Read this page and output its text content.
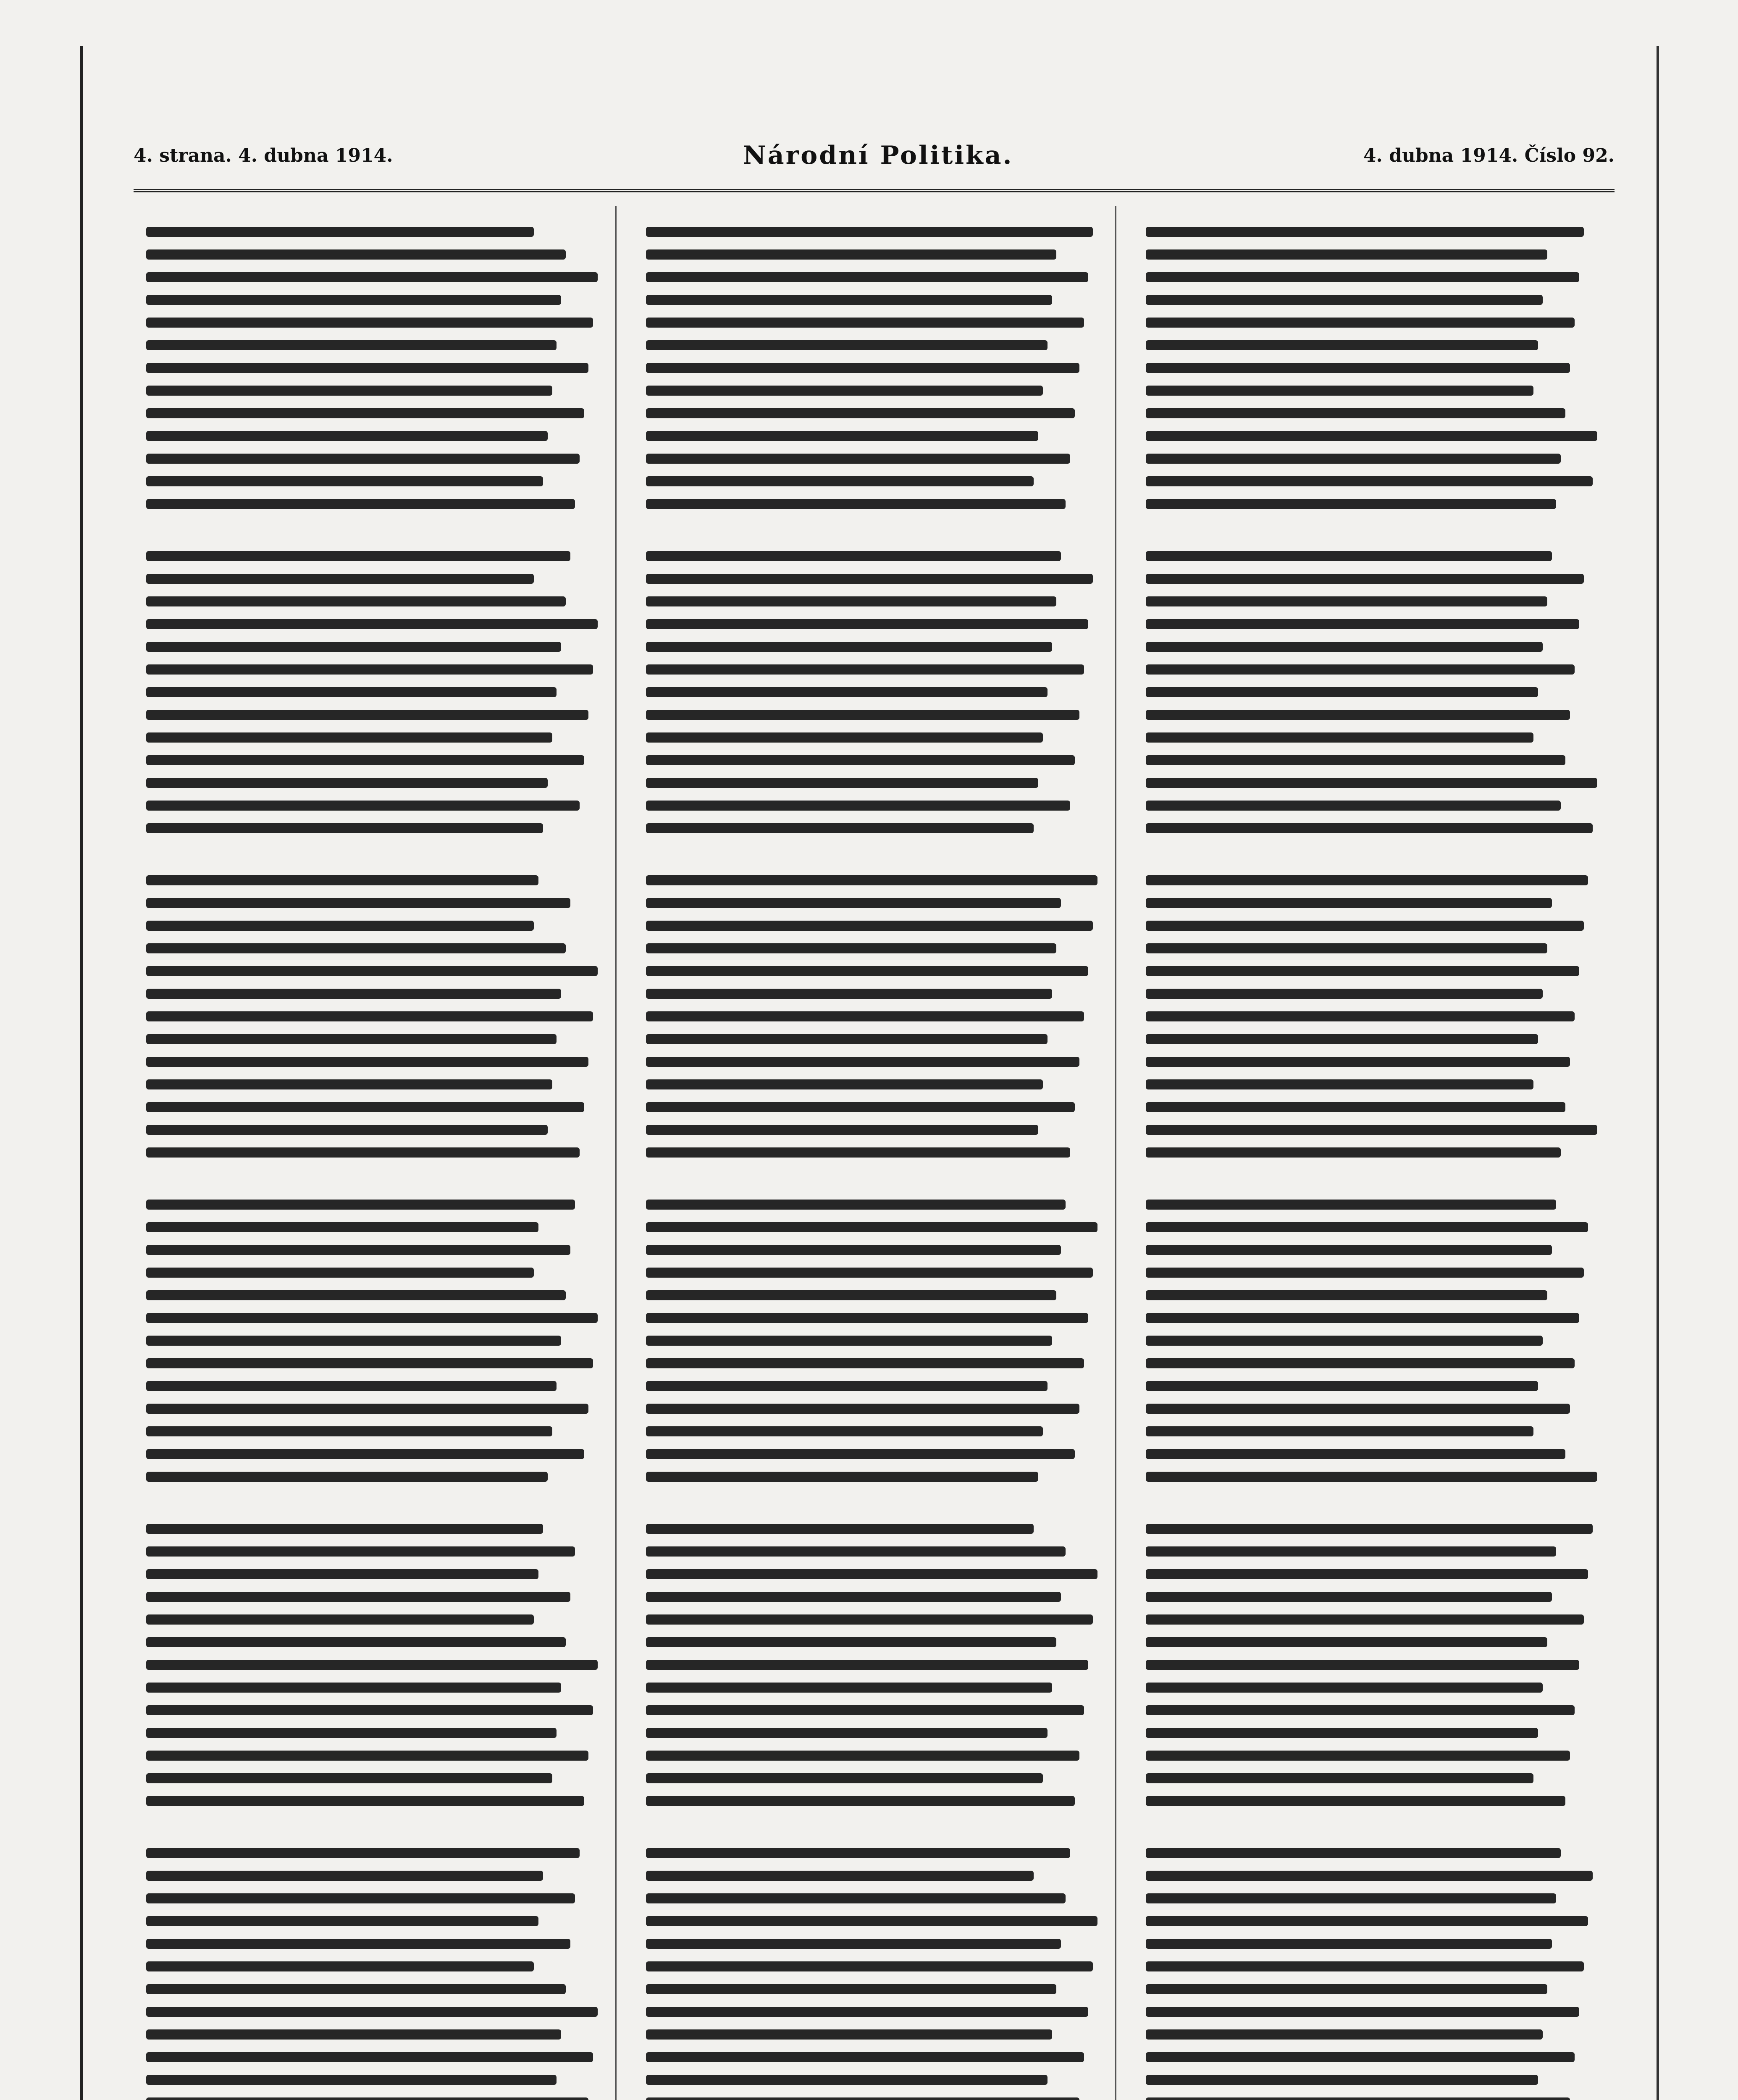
4. strana. 4. dubna 1914.	Národní Politika.	4. dubna 1914. Číslo 92.
